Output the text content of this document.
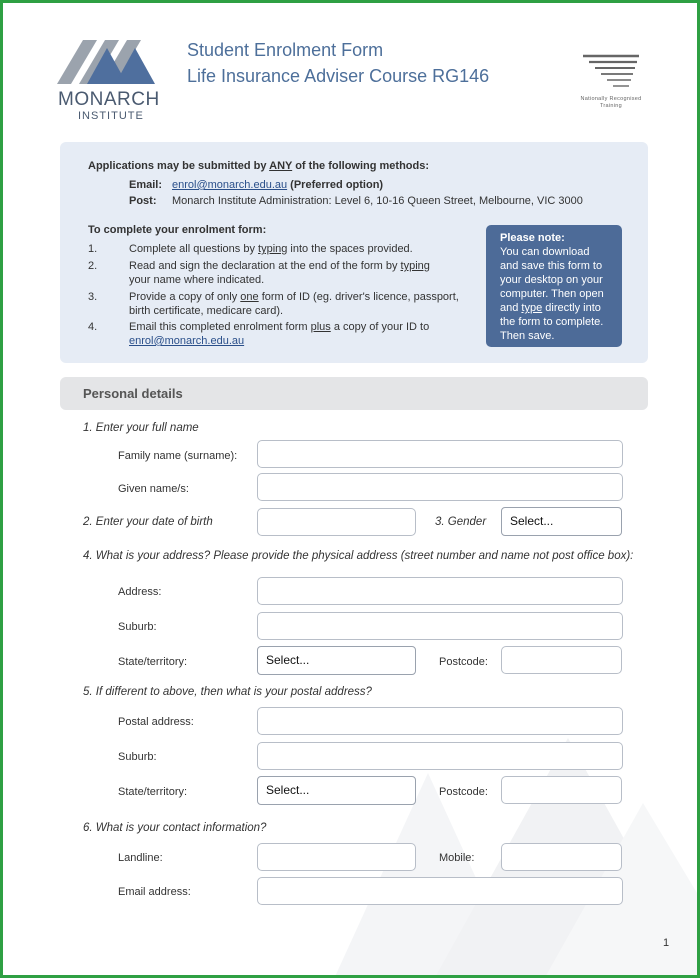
MONARCH
INSTITUTE
Student Enrolment Form
Life Insurance Adviser Course RG146
Nationally Recognised
Training
Applications may be submitted by ANY of the following methods:
Email: enrol@monarch.edu.au (Preferred option)
Post: Monarch Institute Administration: Level 6, 10-16 Queen Street, Melbourne, VIC 3000
To complete your enrolment form:
1.	Complete all questions by typing into the spaces provided.
2.	Read and sign the declaration at the end of the form by typing
your name where indicated.
3.	Provide a copy of only one form of ID (eg. driver's licence, passport,
birth certificate, medicare card).
4.	Email this completed enrolment form plus a copy of your ID to
enrol@monarch.edu.au
Please note:
You can download
and save this form to
your desktop on your
computer. Then open
and type directly into
the form to complete.
Then save.
Personal details
1. Enter your full name
Family name (surname):
Given name/s:
2. Enter your date of birth	3. Gender	Select...
4. What is your address? Please provide the physical address (street number and name not post office box):
Address:
Suburb:
State/territory:	Select...	Postcode:
5. If different to above, then what is your postal address?
Postal address:
Suburb:
State/territory:	Select...	Postcode:
6. What is your contact information?
Landline:	Mobile:
Email address:
1
